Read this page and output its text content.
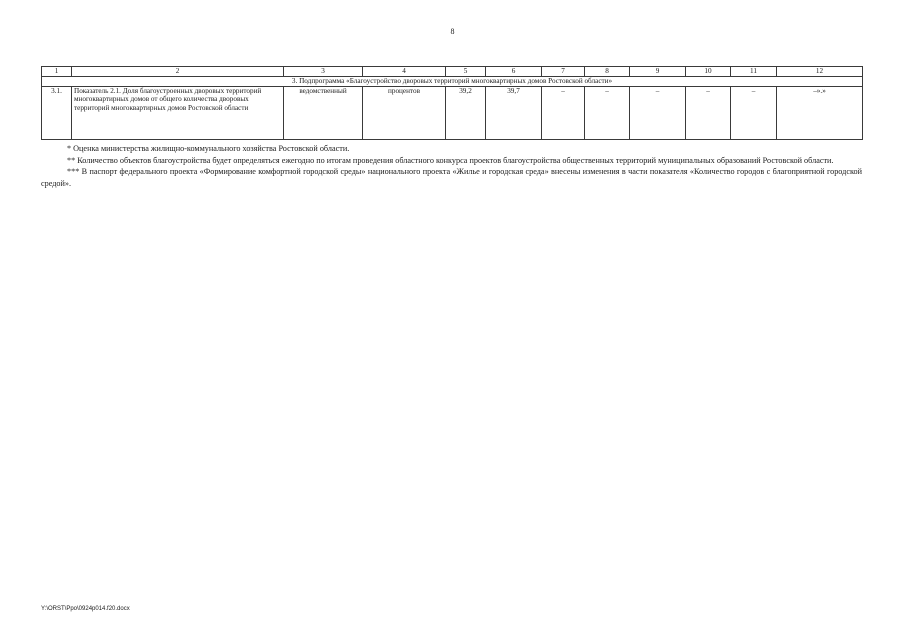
8
1	2	3	4	5	6	7	8	9	10	11	12
3. Подпрограмма «Благоустройство дворовых территорий многоквартирных домов Ростовской области»											
3.1.	Показатель 2.1. Доля благоустроенных дворовых территорий многоквартирных домов от общего количества дворовых территорий многоквартирных домов Ростовской области	ведомственный	процентов	39,2	39,7	–	–	–	–	–	–».»

* Оценка министерства жилищно-коммунального хозяйства Ростовской области.

** Количество объектов благоустройства будет определяться ежегодно по итогам проведения областного конкурса проектов благоустройства общественных территорий муниципальных образований Ростовской области.

*** В паспорт федерального проекта «Формирование комфортной городской среды» национального проекта «Жилье и городская среда» внесены изменения в части показателя «Количество городов с благоприятной городской средой».

Y:\ORST\Ppo\0924p014.f20.docx
